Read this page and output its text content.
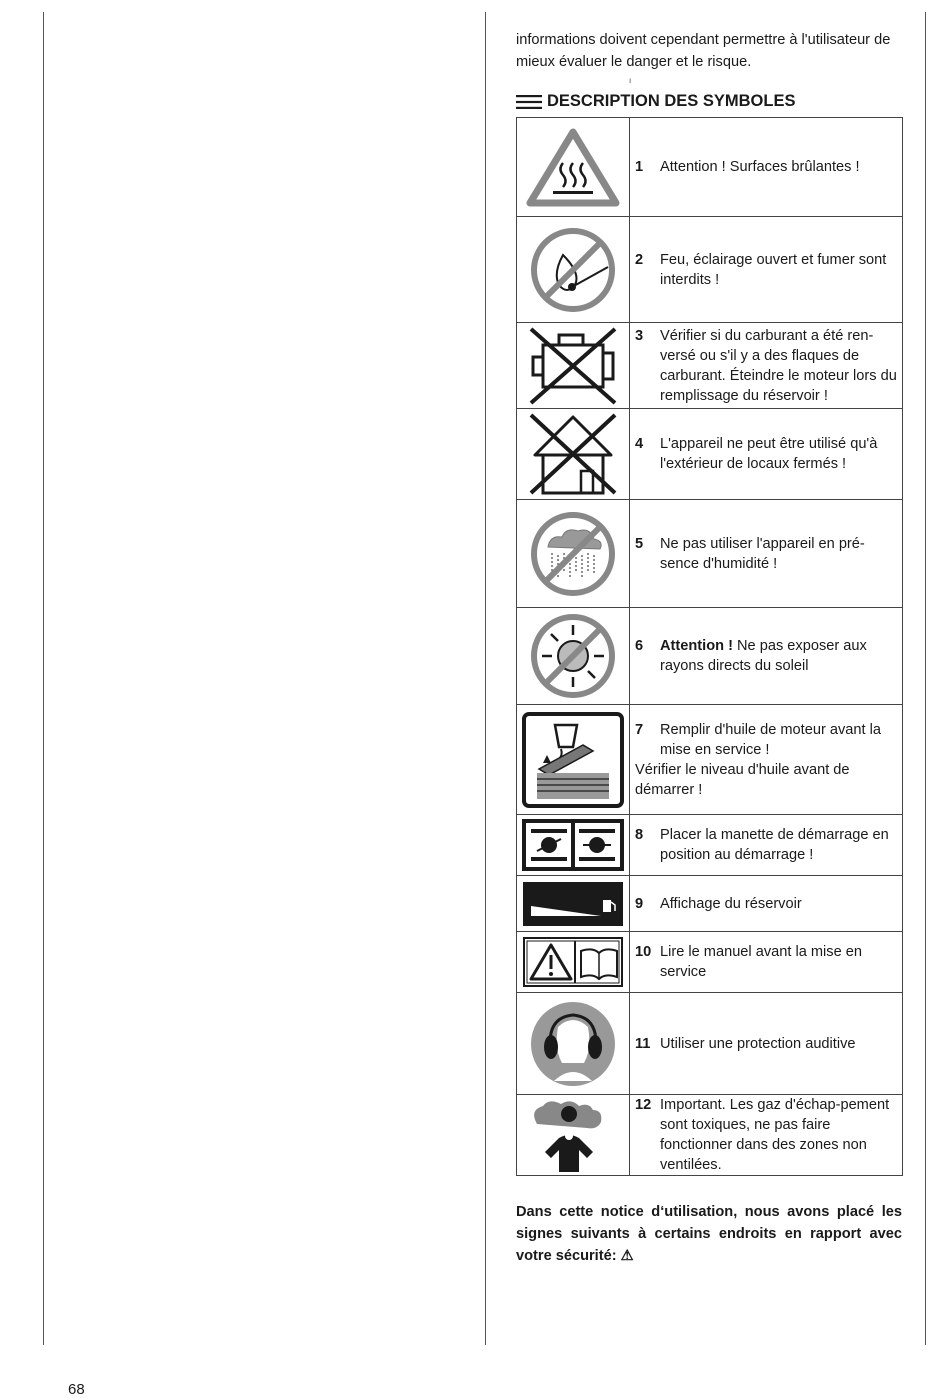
informations doivent cependant permettre à l'utilisateur de mieux évaluer le danger et le risque.
ı
DESCRIPTION DES SYMBOLES

1 Attention ! Surfaces brûlantes !

2 Feu, éclairage ouvert et fumer sont interdits !

3 Vérifier si du carburant a été ren-versé ou s'il y a des flaques de carburant. Éteindre le moteur lors du remplissage du réservoir !

4 L'appareil ne peut être utilisé qu'à l'extérieur de locaux fermés !

5 Ne pas utiliser l'appareil en pré-sence d'humidité !

6 Attention ! Ne pas exposer aux rayons directs du soleil

7 Remplir d'huile de moteur avant la mise en service !
Vérifier le niveau d'huile avant de démarrer !

8 Placer la manette de démarrage en position au démarrage !

9 Affichage du réservoir

10 Lire le manuel avant la mise en service

11 Utiliser une protection auditive

12 Important. Les gaz d'échap-pement sont toxiques, ne pas faire fonctionner dans des zones non ventilées.
Dans cette notice d‘utilisation, nous avons placé les signes suivants à certains endroits en rapport avec votre sécurité: ⚠
68
